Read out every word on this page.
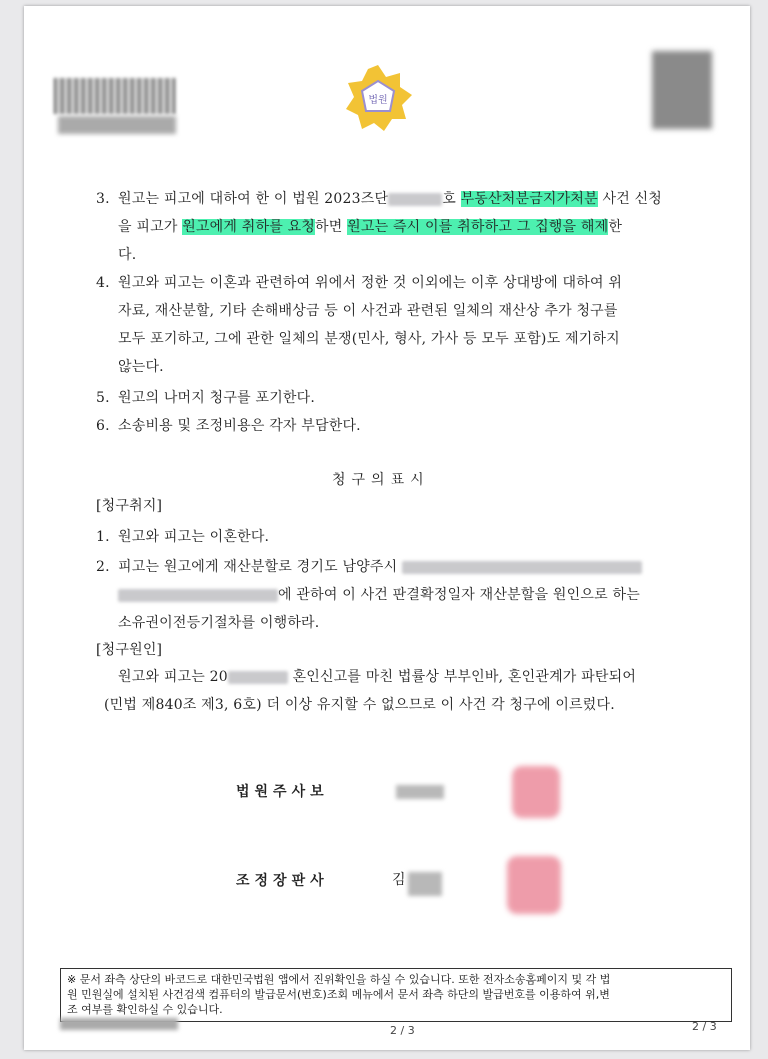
법원
3. 원고는 피고에 대하여 한 이 법원 2023즈단	호 부동산처분금지가처분 사건 신청
을 피고가 원고에게 취하를 요청하면 원고는 즉시 이를 취하하고 그 집행을 해제한
다.
4. 원고와 피고는 이혼과 관련하여 위에서 정한 것 이외에는 이후 상대방에 대하여 위
자료, 재산분할, 기타 손해배상금 등 이 사건과 관련된 일체의 재산상 추가 청구를
모두 포기하고, 그에 관한 일체의 분쟁(민사, 형사, 가사 등 모두 포함)도 제기하지
않는다.
5. 원고의 나머지 청구를 포기한다.
6. 소송비용 및 조정비용은 각자 부담한다.
[청구취지]
1. 원고와 피고는 이혼한다.
2. 피고는 원고에게 재산분할로 경기도 남양주시
에 관하여 이 사건 판결확정일자 재산분할을 원인으로 하는
소유권이전등기절차를 이행하라.
[청구원인]
원고와 피고는 20	혼인신고를 마친 법률상 부부인바, 혼인관계가 파탄되어
(민법 제840조 제3, 6호) 더 이상 유지할 수 없으므로 이 사건 각 청구에 이르렀다.
청구의표시
법원주사보
조정장판사	김
※ 문서 좌측 상단의 바코드로 대한민국법원 앱에서 진위확인을 하실 수 있습니다. 또한 전자소송홈페이지 및 각 법
원 민원실에 설치된 사건검색 컴퓨터의 발급문서(번호)조회 메뉴에서 문서 좌측 하단의 발급번호를 이용하여 위,변
조 여부를 확인하실 수 있습니다.
2 / 3	2 / 3
